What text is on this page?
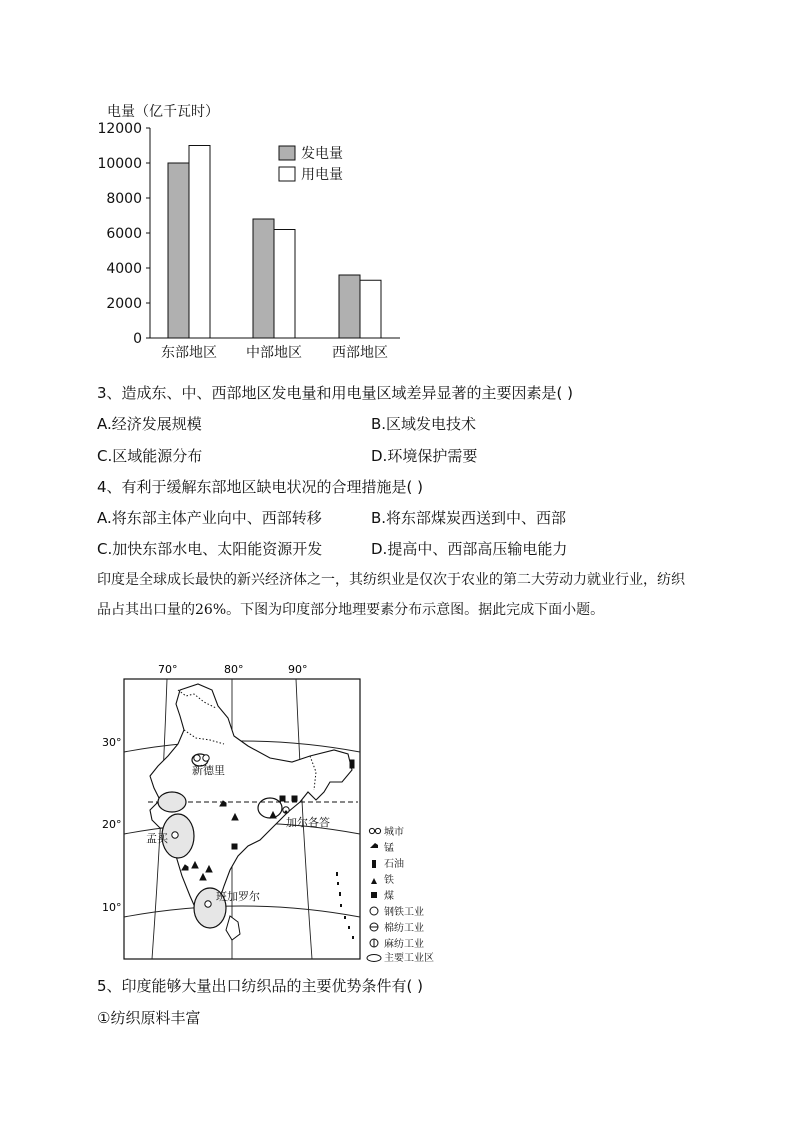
电量（亿千瓦时）
0
2000
4000
6000
8000
10000
12000
东部地区 中部地区 西部地区
发电量
用电量
3、造成东、中、西部地区发电量和用电量区域差异显著的主要因素是( )
A.经济发展规模	B.区域发电技术
C.区域能源分布	D.环境保护需要
4、有利于缓解东部地区缺电状况的合理措施是( )
A.将东部主体产业向中、西部转移	B.将东部煤炭西送到中、西部
C.加快东部水电、太阳能资源开发	D.提高中、西部高压输电能力
印度是全球成长最快的新兴经济体之一，其纺织业是仅次于农业的第二大劳动力就业行业，纺织品占其出口量的26%。下图为印度部分地理要素分布示意图。据此完成下面小题。
70°	80°	90°
30°
20°
10°
新德里
孟买
加尔各答
班加罗尔
城市
锰
石油
铁
煤
钢铁工业
棉纺工业
麻纺工业
主要工业区
5、印度能够大量出口纺织品的主要优势条件有( )
①纺织原料丰富
